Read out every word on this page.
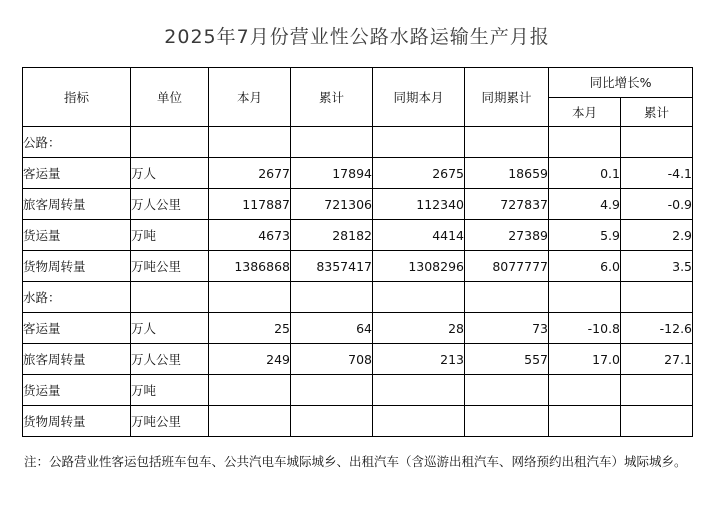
2025年7月份营业性公路水路运输生产月报
指标	单位	本月	累计	同期本月	同期累计	同比增长%	
						本月	累计
公路：							
客运量	万人	2677	17894	2675	18659	0.1	-4.1
旅客周转量	万人公里	117887	721306	112340	727837	4.9	-0.9
货运量	万吨	4673	28182	4414	27389	5.9	2.9
货物周转量	万吨公里	1386868	8357417	1308296	8077777	6.0	3.5
水路：							
客运量	万人	25	64	28	73	-10.8	-12.6
旅客周转量	万人公里	249	708	213	557	17.0	27.1
货运量	万吨						
货物周转量	万吨公里						
注：公路营业性客运包括班车包车、公共汽电车城际城乡、出租汽车（含巡游出租汽车、网络预约出租汽车）城际城乡。
